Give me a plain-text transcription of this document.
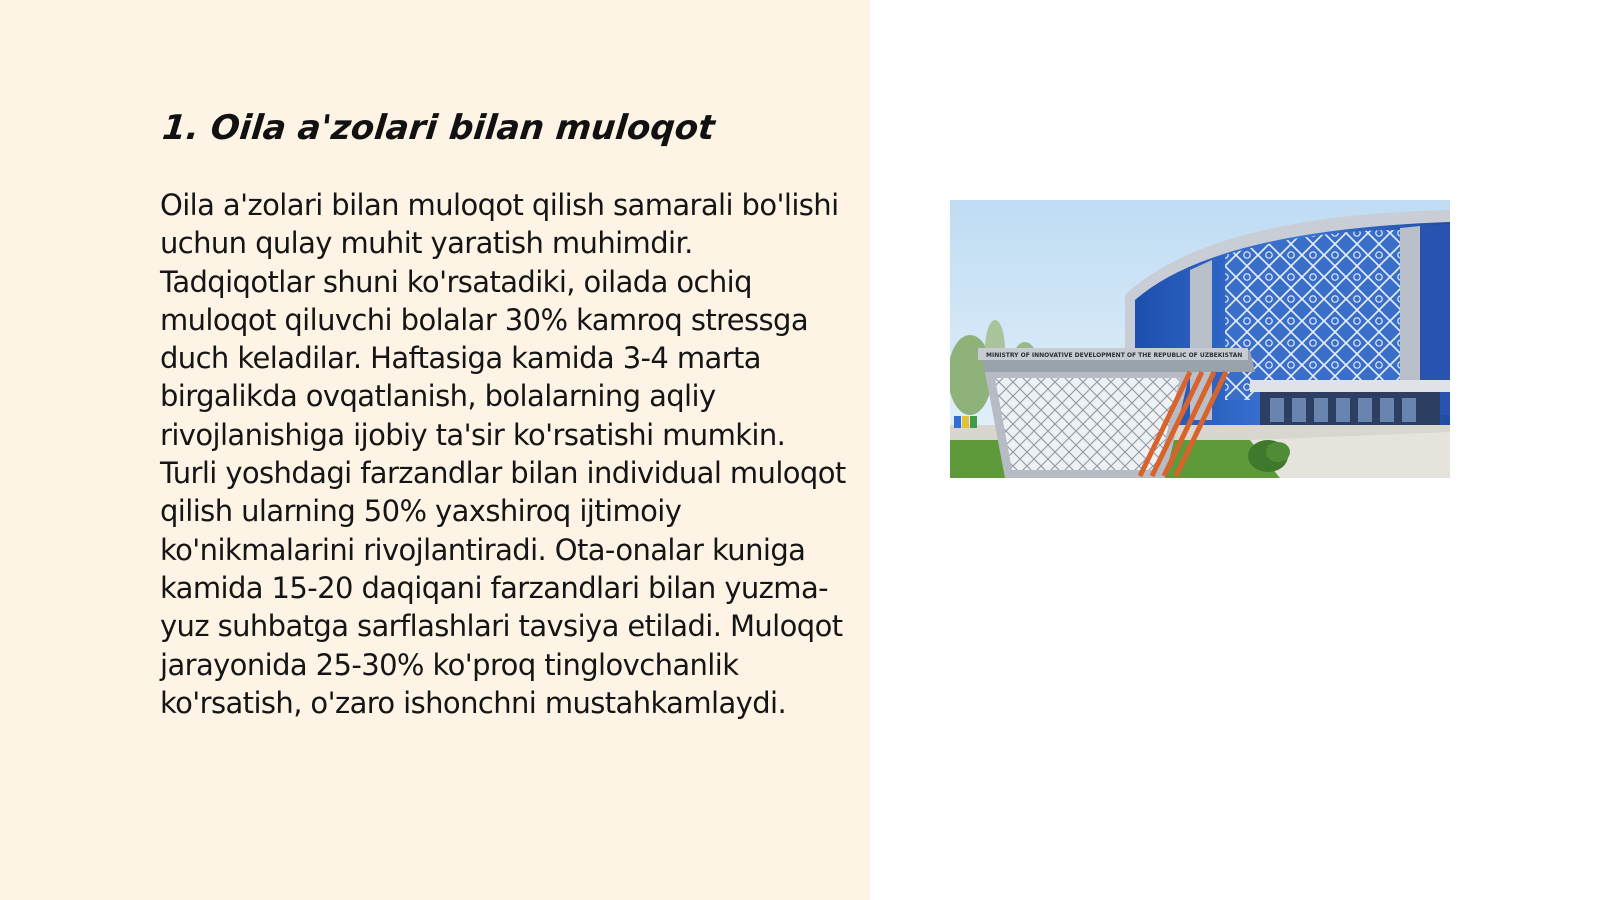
1. Oila a'zolari bilan muloqot

Oila a'zolari bilan muloqot qilish samarali bo'lishi uchun qulay muhit yaratish muhimdir. Tadqiqotlar shuni ko'rsatadiki, oilada ochiq muloqot qiluvchi bolalar 30% kamroq stressga duch keladilar. Haftasiga kamida 3-4 marta birgalikda ovqatlanish, bolalarning aqliy rivojlanishiga ijobiy ta'sir ko'rsatishi mumkin. Turli yoshdagi farzandlar bilan individual muloqot qilish ularning 50% yaxshiroq ijtimoiy ko'nikmalarini rivojlantiradi. Ota-onalar kuniga kamida 15-20 daqiqani farzandlari bilan yuzma-yuz suhbatga sarflashlari tavsiya etiladi. Muloqot jarayonida 25-30% ko'proq tinglovchanlik ko'rsatish, o'zaro ishonchni mustahkamlaydi.

MINISTRY OF INNOVATIVE DEVELOPMENT OF THE REPUBLIC OF UZBEKISTAN
